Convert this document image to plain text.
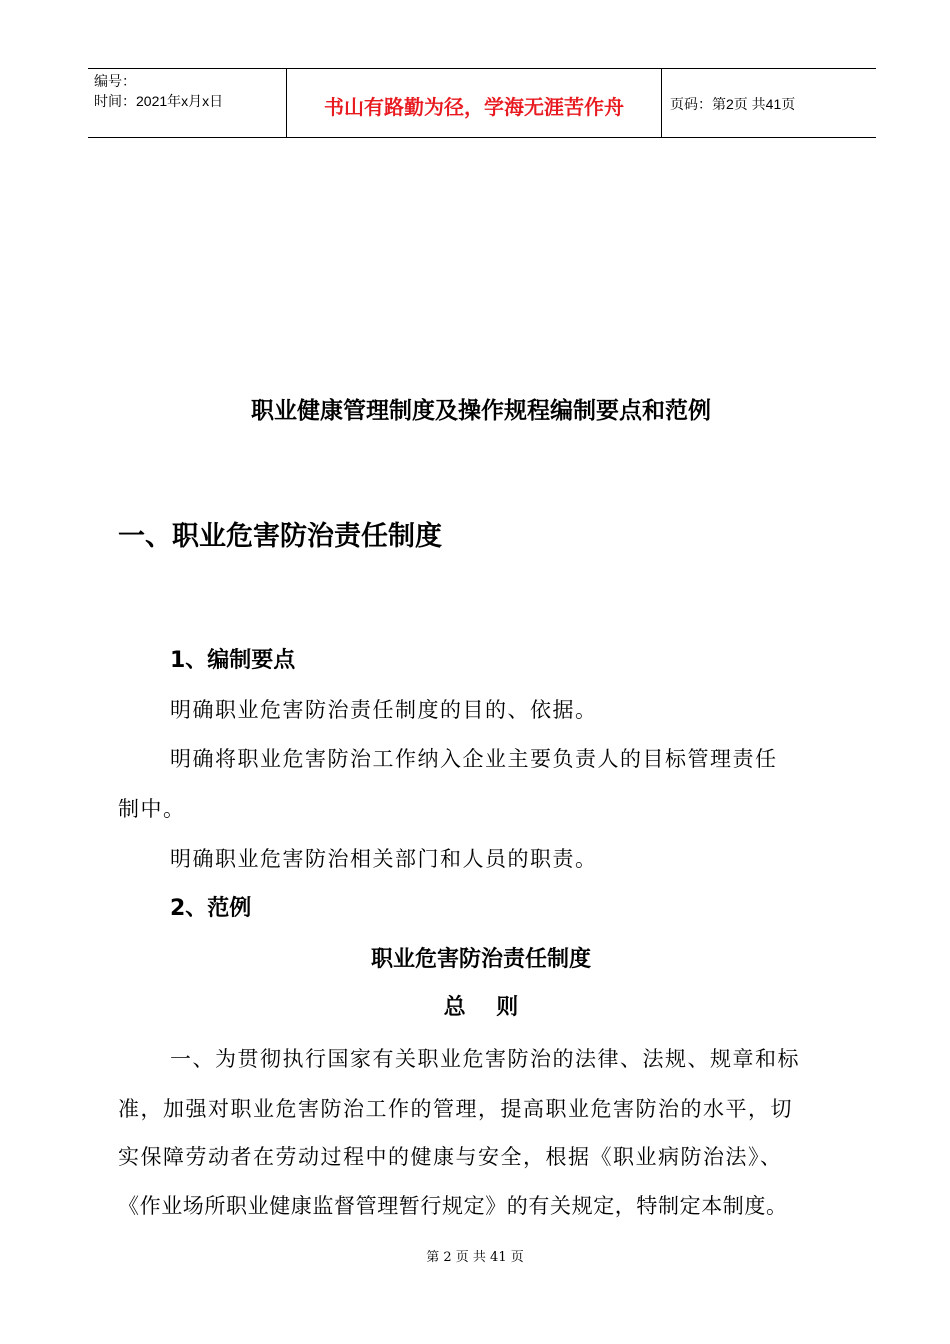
编号：
时间：2021年x月x日	书山有路勤为径，学海无涯苦作舟	页码：第2页 共41页
职业健康管理制度及操作规程编制要点和范例
一、职业危害防治责任制度
1、编制要点
明确职业危害防治责任制度的目的、依据。
明确将职业危害防治工作纳入企业主要负责人的目标管理责任
制中。
明确职业危害防治相关部门和人员的职责。
2、范例
职业危害防治责任制度
总    则
一、为贯彻执行国家有关职业危害防治的法律、法规、规章和标
准，加强对职业危害防治工作的管理，提高职业危害防治的水平，切
实保障劳动者在劳动过程中的健康与安全，根据《职业病防治法》、
《作业场所职业健康监督管理暂行规定》的有关规定，特制定本制度。
第 2 页 共 41 页
